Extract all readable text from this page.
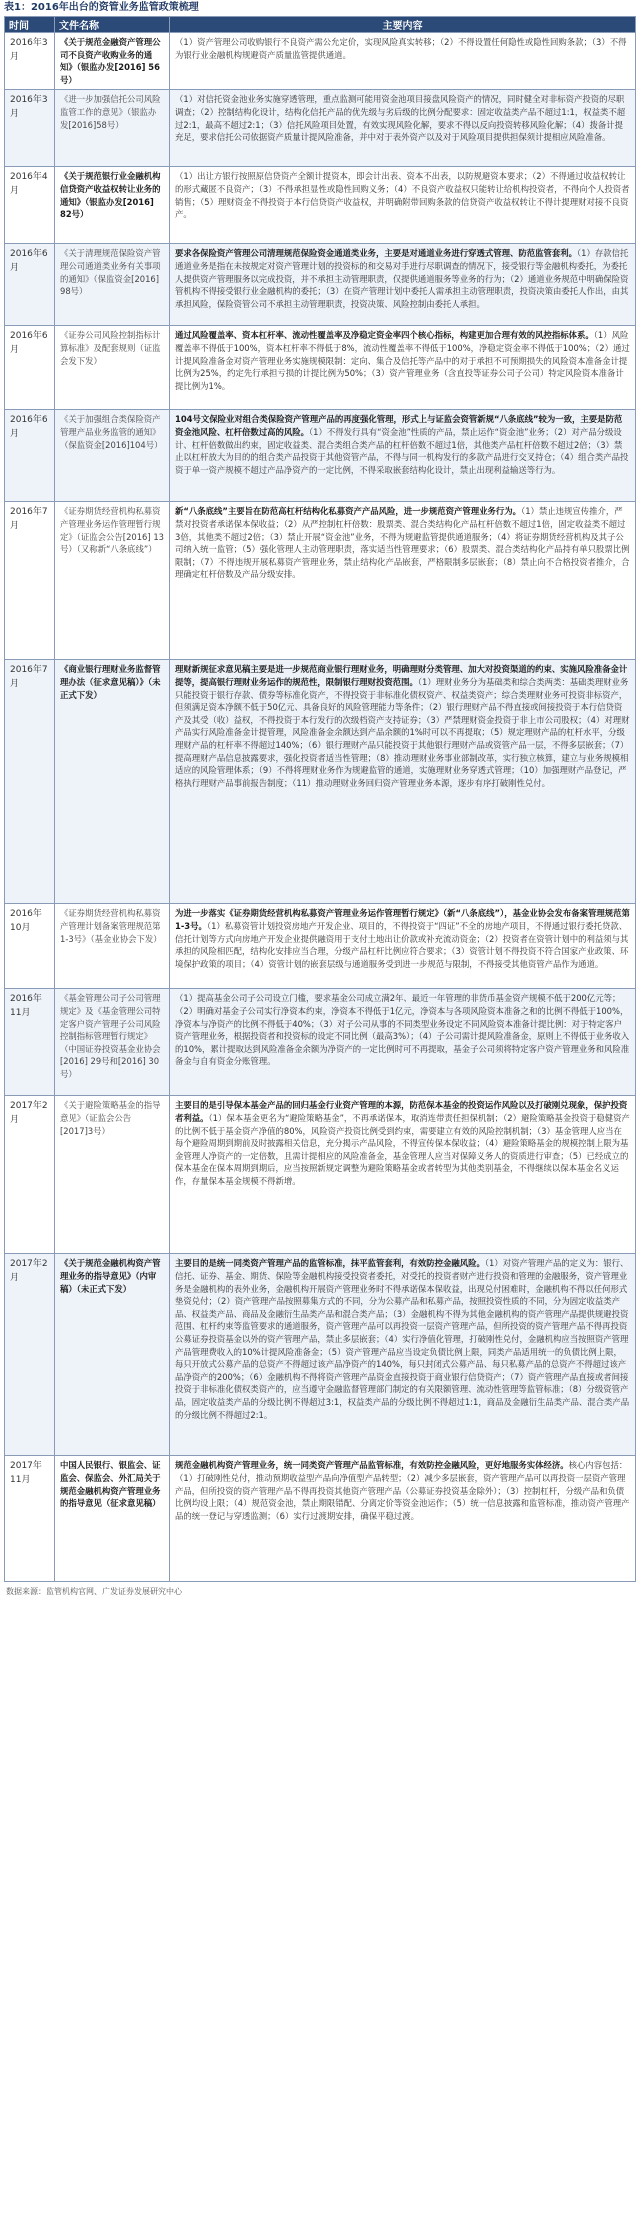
表1：2016年出台的资管业务监管政策梳理
时间	文件名称	主要内容
2016年3月	《关于规范金融资产管理公司不良资产收购业务的通知》（银监办发[2016] 56号）	（1）资产管理公司收购银行不良资产需公允定价，实现风险真实转移；（2）不得设置任何隐性或隐性回购条款；（3）不得为银行业金融机构规避资产质量监管提供通道。
2016年3月	《进一步加强信托公司风险监管工作的意见》（银监办发[2016]58号）	（1）对信托资金池业务实施穿透管理，重点监测可能用资金池项目接盘风险资产的情况，同时健全对非标资产投资的尽职调查；（2）控制结构化设计，结构化信托产品的优先级与劣后级的比例分配要求：固定收益类产品不超过1:1，权益类不超过2:1，最高不超过2:1；（3）信托风险项目处置，有效实现风险化解，要求不得以反向投资转移风险化解；（4）拨备计提充足，要求信托公司依据资产质量计提风险准备，并中对于表外资产以及对于风险项目提供担保须计提相应风险准备。
2016年4月	《关于规范银行业金融机构信贷资产收益权转让业务的通知》（银监办发[2016] 82号）	（1）出让方银行按照原信贷资产全额计提资本，即会计出表、资本不出表，以防规避资本要求；（2）不得通过收益权转让的形式藏匿不良资产；（3）不得承担显性或隐性回购义务；（4）不良资产收益权只能转让给机构投资者，不得向个人投资者销售；（5）理财资金不得投资于本行信贷资产收益权，并明确附带回购条款的信贷资产收益权转让不得计提理财对接不良资产。
2016年6月	《关于清理规范保险资产管理公司通道类业务有关事项的通知》（保监资金[2016] 98号）	要求各保险资产管理公司清理规范保险资金通道类业务，主要是对通道业务进行穿透式管理、防范监管套利。（1）存款信托通道业务是指在未按规定对资产管理计划的投资标的和交易对手进行尽职调查的情况下，接受银行等金融机构委托，为委托人提供资产管理服务以完成投资，并不承担主动管理职责，仅提供通道服务等业务的行为；（2）通道业务规范中明确保险资管机构不得接受银行业金融机构的委托；（3）在资产管理计划中委托人需承担主动管理职责，投资决策由委托人作出，由其承担风险，保险资管公司不承担主动管理职责，投资决策、风险控制由委托人承担。
2016年6月	《证券公司风险控制指标计算标准》及配套规则（证监会发下发）	通过风险覆盖率、资本杠杆率、流动性覆盖率及净稳定资金率四个核心指标，构建更加合理有效的风控指标体系。（1）风险覆盖率不得低于100%，资本杠杆率不得低于8%，流动性覆盖率不得低于100%，净稳定资金率不得低于100%；（2）通过计提风险准备金对资产管理业务实施规模限制：定向、集合及信托等产品中的对于承担不可预期损失的风险资本准备金计提比例为25%，约定先行承担亏损的计提比例为50%；（3）资产管理业务（含直投等证券公司子公司）特定风险资本准备计提比例为1%。
2016年6月	《关于加强组合类保险资产管理产品业务监管的通知》（保监资金[2016]104号）	104号文保险业对组合类保险资产管理产品的再度强化管理，形式上与证监会资管新规“八条底线”较为一致，主要是防范资金池风险、杠杆倍数过高的风险。（1）不得发行具有“资金池”性质的产品，禁止运作“资金池”业务；（2）对产品分级设计、杠杆倍数做出约束，固定收益类、混合类组合类产品的杠杆倍数不超过1倍，其他类产品杠杆倍数不超过2倍；（3）禁止以杠杆放大为目的的组合类产品投资于其他资管产品，不得与同一机构发行的多款产品进行交叉持仓；（4）组合类产品投资于单一资产规模不超过产品净资产的一定比例，不得采取嵌套结构化设计，禁止出现利益输送等行为。
2016年7月	《证券期货经营机构私募资产管理业务运作管理暂行规定》（证监会公告[2016] 13号）（又称新“八条底线”）	新“八条底线”主要旨在防范高杠杆结构化私募资产产品风险，进一步规范资产管理业务行为。（1）禁止违规宣传推介，严禁对投资者承诺保本保收益；（2）从严控制杠杆倍数：股票类、混合类结构化产品杠杆倍数不超过1倍，固定收益类不超过3倍，其他类不超过2倍；（3）禁止开展“资金池”业务，不得为规避监管提供通道服务；（4）将证券期货经营机构及其子公司纳入统一监管；（5）强化管理人主动管理职责，落实适当性管理要求；（6）股票类、混合类结构化产品持有单只股票比例限制；（7）不得违规开展私募资产管理业务，禁止结构化产品嵌套，严格限制多层嵌套；（8）禁止向不合格投资者推介，合理确定杠杆倍数及产品分级安排。
2016年7月	《商业银行理财业务监督管理办法（征求意见稿）》（未正式下发）	理财新规征求意见稿主要是进一步规范商业银行理财业务，明确理财分类管理、加大对投资渠道的约束、实施风险准备金计提等，提高银行理财业务运作的规范性，限制银行理财投资范围。（1）理财业务分为基础类和综合类两类：基础类理财业务只能投资于银行存款、债券等标准化资产，不得投资于非标准化债权资产、权益类资产；综合类理财业务可投资非标资产，但须满足资本净额不低于50亿元、具备良好的风险管理能力等条件；（2）银行理财产品不得直接或间接投资于本行信贷资产及其受（收）益权，不得投资于本行发行的次级档资产支持证券；（3）严禁理财资金投资于非上市公司股权；（4）对理财产品实行风险准备金计提管理，风险准备金余额达到产品余额的1%时可以不再提取；（5）规定理财产品的杠杆水平，分级理财产品的杠杆率不得超过140%；（6）银行理财产品只能投资于其他银行理财产品或资管产品一层，不得多层嵌套；（7）提高理财产品信息披露要求，强化投资者适当性管理；（8）推动理财业务事业部制改革，实行独立核算，建立与业务规模相适应的风险管理体系；（9）不得将理财业务作为规避监管的通道，实施理财业务穿透式管理；（10）加强理财产品登记，严格执行理财产品事前报告制度；（11）推动理财业务回归资产管理业务本源，逐步有序打破刚性兑付。
2016年10月	《证券期货经营机构私募资产管理计划备案管理规范第1-3号》（基金业协会下发）	为进一步落实《证券期货经营机构私募资产管理业务运作管理暂行规定》（新“八条底线”），基金业协会发布备案管理规范第1-3号。（1）私募资管计划投资房地产开发企业、项目的，不得投资于“四证”不全的房地产项目，不得通过银行委托贷款、信托计划等方式向房地产开发企业提供融资用于支付土地出让价款或补充流动资金；（2）投资者在资管计划中的利益须与其承担的风险相匹配，结构化安排应当合理，分级产品杠杆比例应符合要求；（3）资管计划不得投资不符合国家产业政策、环境保护政策的项目；（4）资管计划的嵌套层级与通道服务受到进一步规范与限制，不得接受其他资管产品作为通道。
2016年11月	《基金管理公司子公司管理规定》及《基金管理公司特定客户资产管理子公司风险控制指标管理暂行规定》（中国证券投资基金业协会[2016] 29号和[2016] 30号）	（1）提高基金公司子公司设立门槛，要求基金公司成立满2年、最近一年管理的非货币基金资产规模不低于200亿元等；（2）明确对基金子公司实行净资本约束，净资本不得低于1亿元，净资本与各项风险资本准备之和的比例不得低于100%，净资本与净资产的比例不得低于40%；（3）对子公司从事的不同类型业务设定不同风险资本准备计提比例：对于特定客户资产管理业务，根据投资者和投资标的设定不同比例（最高3%）；（4）子公司需计提风险准备金，原则上不得低于业务收入的10%，累计提取达到风险准备金余额为净资产的一定比例时可不再提取，基金子公司须将特定客户资产管理业务和风险准备金与自有资金分账管理。
2017年2月	《关于避险策略基金的指导意见》（证监会公告[2017]3号）	主要目的是引导保本基金产品的回归基金行业资产管理的本源，防范保本基金的投资运作风险以及打破刚兑现象，保护投资者利益。（1）保本基金更名为“避险策略基金”，不再承诺保本，取消连带责任担保机制；（2）避险策略基金投资于稳健资产的比例不低于基金资产净值的80%，风险资产投资比例受到约束，需要建立有效的风险控制机制；（3）基金管理人应当在每个避险周期到期前及时披露相关信息，充分揭示产品风险，不得宣传保本保收益；（4）避险策略基金的规模控制上限为基金管理人净资产的一定倍数，且需计提相应的风险准备金，基金管理人应当对保障义务人的资质进行审查；（5）已经成立的保本基金在保本周期到期后，应当按照新规定调整为避险策略基金或者转型为其他类别基金，不得继续以保本基金名义运作，存量保本基金规模不得新增。
2017年2月	《关于规范金融机构资产管理业务的指导意见》（内审稿）（未正式下发）	主要目的是统一同类资产管理产品的监管标准，抹平监管套利，有效防控金融风险。（1）对资产管理产品的定义为：银行、信托、证券、基金、期货、保险等金融机构接受投资者委托，对受托的投资者财产进行投资和管理的金融服务，资产管理业务是金融机构的表外业务，金融机构开展资产管理业务时不得承诺保本保收益，出现兑付困难时，金融机构不得以任何形式垫资兑付；（2）资产管理产品按照募集方式的不同，分为公募产品和私募产品，按照投资性质的不同，分为固定收益类产品、权益类产品、商品及金融衍生品类产品和混合类产品；（3）金融机构不得为其他金融机构的资产管理产品提供规避投资范围、杠杆约束等监管要求的通道服务，资产管理产品可以再投资一层资产管理产品，但所投资的资产管理产品不得再投资公募证券投资基金以外的资产管理产品，禁止多层嵌套；（4）实行净值化管理，打破刚性兑付，金融机构应当按照资产管理产品管理费收入的10%计提风险准备金；（5）资产管理产品应当设定负债比例上限，同类产品适用统一的负债比例上限，每只开放式公募产品的总资产不得超过该产品净资产的140%，每只封闭式公募产品、每只私募产品的总资产不得超过该产品净资产的200%；（6）金融机构不得将资产管理产品资金直接投资于商业银行信贷资产；（7）资产管理产品直接或者间接投资于非标准化债权类资产的，应当遵守金融监督管理部门制定的有关限额管理、流动性管理等监管标准；（8）分级资管产品，固定收益类产品的分级比例不得超过3:1，权益类产品的分级比例不得超过1:1，商品及金融衍生品类产品、混合类产品的分级比例不得超过2:1。
2017年11月	中国人民银行、银监会、证监会、保监会、外汇局关于规范金融机构资产管理业务的指导意见（征求意见稿）	规范金融机构资产管理业务，统一同类资产管理产品监管标准，有效防控金融风险，更好地服务实体经济。核心内容包括：（1）打破刚性兑付，推动预期收益型产品向净值型产品转型；（2）减少多层嵌套，资产管理产品可以再投资一层资产管理产品，但所投资的资产管理产品不得再投资其他资产管理产品（公募证券投资基金除外）；（3）控制杠杆，分级产品和负债比例均设上限；（4）规范资金池，禁止期限错配、分离定价等资金池运作；（5）统一信息披露和监管标准，推动资产管理产品的统一登记与穿透监测；（6）实行过渡期安排，确保平稳过渡。
数据来源：监管机构官网、广发证券发展研究中心
